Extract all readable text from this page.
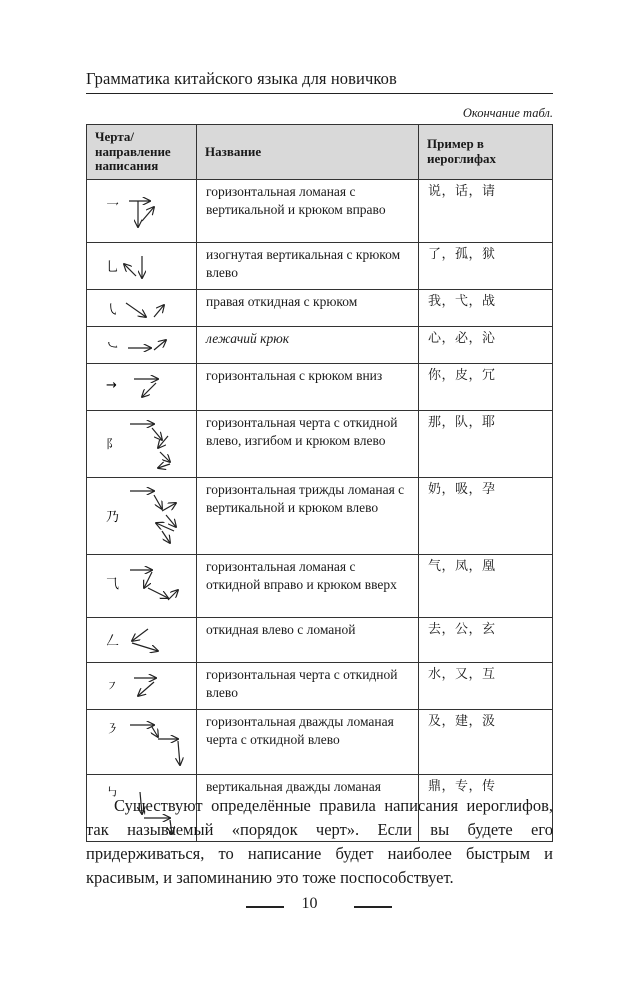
Грамматика китайского языка для новичков
Окончание табл.
Черта/ направление написания	Название	Пример в иероглифах

乛	горизонтальная ломаная с вертикальной и крюком вправо	说，话，请

乚	изогнутая вертикальная с крюком влево	了，孤，狱

㇂	правая откидная с крюком	我，弋，战

㇃	лежачий крюк	心，必，沁

→	горизонтальная с крюком вниз	你，皮，冗

阝	горизонтальная черта с откидной влево, изгибом и крюком влево	那，队，耶

乃	горизонтальная трижды ломаная с вертикальной и крюком влево	奶，吸，孕

⺄	горизонтальная ломаная с откидной вправо и крюком вверх	气，凤，凰

𠃋	откидная влево с ломаной	去，公，玄

㇇	горизонтальная черта с откидной влево	水，又，互

㇋	горизонтальная дважды ломаная черта с откидной влево	及，建，汲

㇉	вертикальная дважды ломаная	鼎，专，传

Существуют определённые правила написания иероглифов, так называемый «порядок черт». Если вы будете его придерживаться, то написание будет наиболее быстрым и красивым, и запоминанию это тоже поспособствует.

10
